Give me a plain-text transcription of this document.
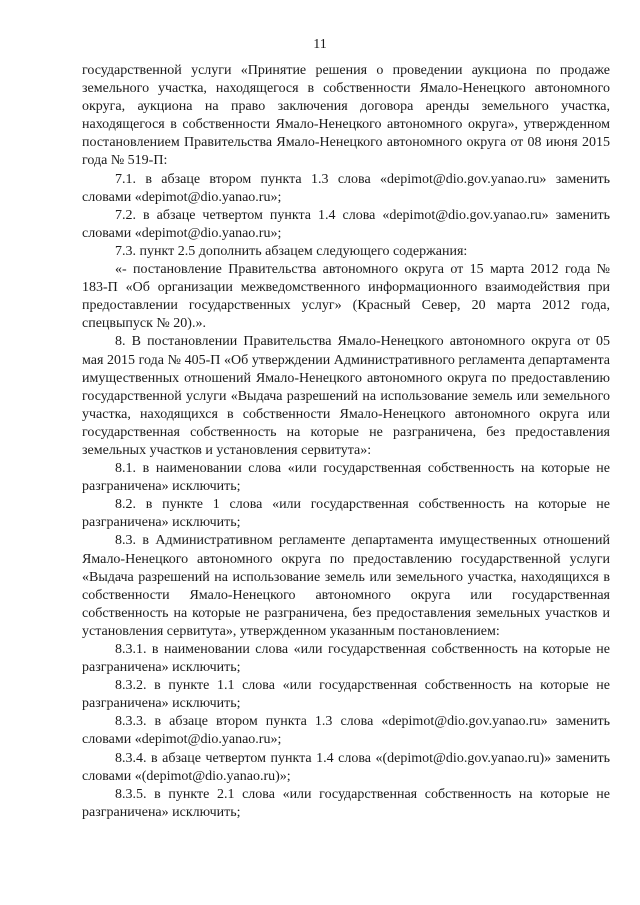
11

государственной услуги «Принятие решения о проведении аукциона по продаже земельного участка, находящегося в собственности Ямало-Ненецкого автономного округа, аукциона на право заключения договора аренды земельного участка, находящегося в собственности Ямало-Ненецкого автономного округа», утвержденном постановлением Правительства Ямало-Ненецкого автономного округа от 08 июня 2015 года № 519-П:

7.1. в абзаце втором пункта 1.3 слова «depimot@dio.gov.yanao.ru» заменить словами «depimot@dio.yanao.ru»;

7.2. в абзаце четвертом пункта 1.4 слова «depimot@dio.gov.yanao.ru» заменить словами «depimot@dio.yanao.ru»;

7.3. пункт 2.5 дополнить абзацем следующего содержания:

«- постановление Правительства автономного округа от 15 марта 2012 года № 183-П «Об организации межведомственного информационного взаимодействия при предоставлении государственных услуг» (Красный Север, 20 марта 2012 года, спецвыпуск № 20).».

8. В постановлении Правительства Ямало-Ненецкого автономного округа от 05 мая 2015 года № 405-П «Об утверждении Административного регламента департамента имущественных отношений Ямало-Ненецкого автономного округа по предоставлению государственной услуги «Выдача разрешений на использование земель или земельного участка, находящихся в собственности Ямало-Ненецкого автономного округа или государственная собственность на которые не разграничена, без предоставления земельных участков и установления сервитута»:

8.1. в наименовании слова «или государственная собственность на которые не разграничена» исключить;

8.2. в пункте 1 слова «или государственная собственность на которые не разграничена» исключить;

8.3. в Административном регламенте департамента имущественных отношений Ямало-Ненецкого автономного округа по предоставлению государственной услуги «Выдача разрешений на использование земель или земельного участка, находящихся в собственности Ямало-Ненецкого автономного округа или государственная собственность на которые не разграничена, без предоставления земельных участков и установления сервитута», утвержденном указанным постановлением:

8.3.1. в наименовании слова «или государственная собственность на которые не разграничена» исключить;

8.3.2. в пункте 1.1 слова «или государственная собственность на которые не разграничена» исключить;

8.3.3. в абзаце втором пункта 1.3 слова «depimot@dio.gov.yanao.ru» заменить словами «depimot@dio.yanao.ru»;

8.3.4. в абзаце четвертом пункта 1.4 слова «(depimot@dio.gov.yanao.ru)» заменить словами «(depimot@dio.yanao.ru)»;

8.3.5. в пункте 2.1 слова «или государственная собственность на которые не разграничена» исключить;
